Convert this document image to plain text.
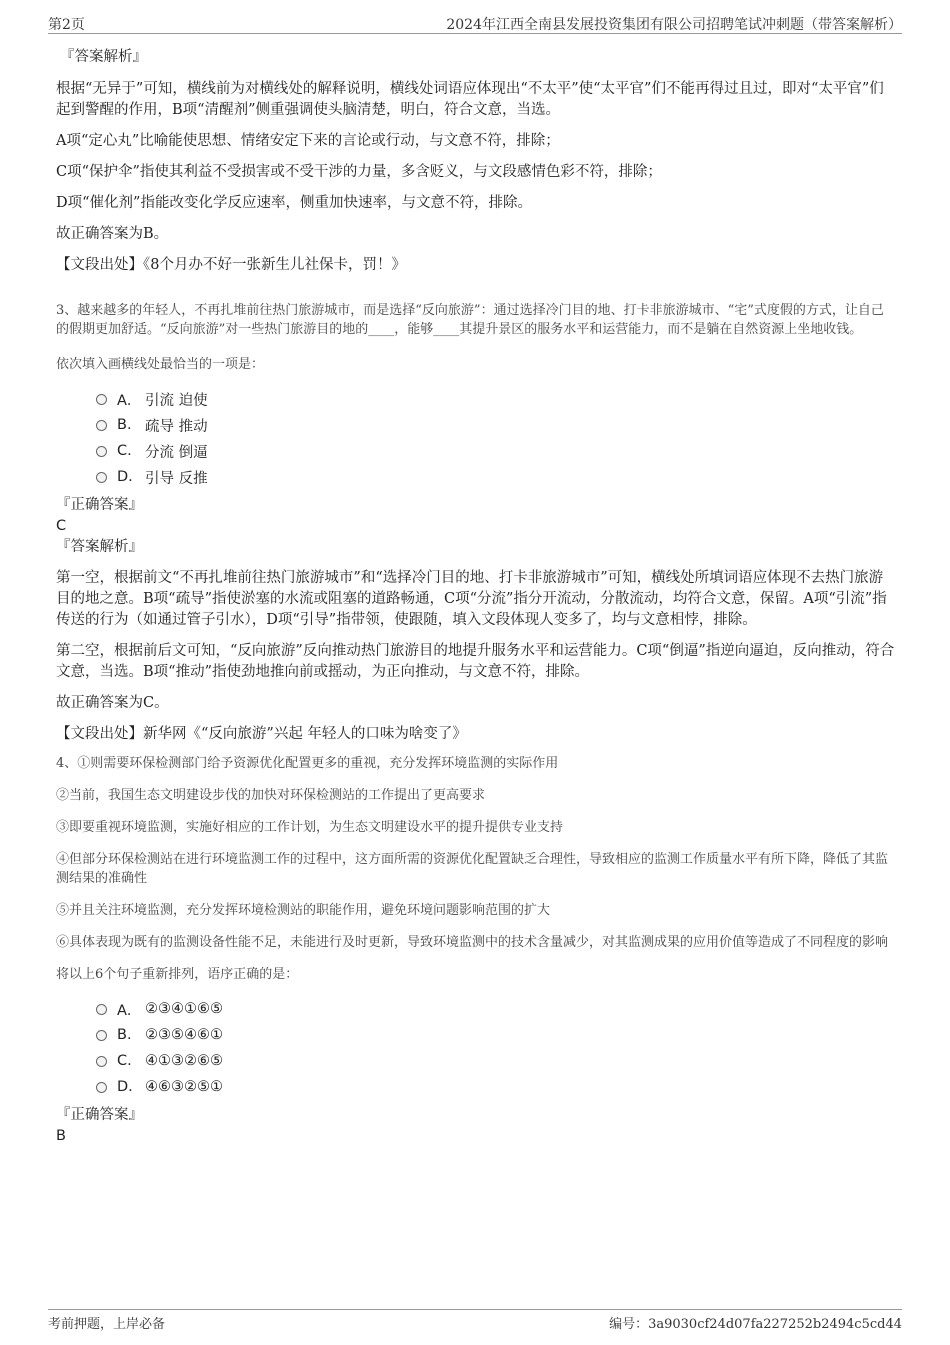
第2页	2024年江西全南县发展投资集团有限公司招聘笔试冲刺题（带答案解析）
『答案解析』

根据“无异于”可知，横线前为对横线处的解释说明，横线处词语应体现出“不太平”使“太平官”们不能再得过且过，即对“太平官”们起到警醒的作用，B项“清醒剂”侧重强调使头脑清楚，明白，符合文意，当选。

A项“定心丸”比喻能使思想、情绪安定下来的言论或行动，与文意不符，排除；

C项“保护伞”指使其利益不受损害或不受干涉的力量，多含贬义，与文段感情色彩不符，排除；

D项“催化剂”指能改变化学反应速率，侧重加快速率，与文意不符，排除。

故正确答案为B。

【文段出处】《8个月办不好一张新生儿社保卡，罚！》

3、越来越多的年轻人，不再扎堆前往热门旅游城市，而是选择“反向旅游”：通过选择冷门目的地、打卡非旅游城市、“宅”式度假的方式，让自己的假期更加舒适。“反向旅游”对一些热门旅游目的地的____，能够____其提升景区的服务水平和运营能力，而不是躺在自然资源上坐地收钱。

依次填入画横线处最恰当的一项是：

A． 引流 迫使
B. 疏导 推动
C. 分流 倒逼
D. 引导 反推
『正确答案』
C
『答案解析』

第一空，根据前文“不再扎堆前往热门旅游城市”和“选择冷门目的地、打卡非旅游城市”可知，横线处所填词语应体现不去热门旅游目的地之意。B项“疏导”指使淤塞的水流或阻塞的道路畅通，C项“分流”指分开流动，分散流动，均符合文意，保留。A项“引流”指传送的行为（如通过管子引水），D项“引导”指带领，使跟随，填入文段体现人变多了，均与文意相悖，排除。

第二空，根据前后文可知，“反向旅游”反向推动热门旅游目的地提升服务水平和运营能力。C项“倒逼”指逆向逼迫，反向推动，符合文意，当选。B项“推动”指使劲地推向前或摇动，为正向推动，与文意不符，排除。

故正确答案为C。

【文段出处】新华网《“反向旅游”兴起 年轻人的口味为啥变了》

4、①则需要环保检测部门给予资源优化配置更多的重视，充分发挥环境监测的实际作用

②当前，我国生态文明建设步伐的加快对环保检测站的工作提出了更高要求

③即要重视环境监测，实施好相应的工作计划，为生态文明建设水平的提升提供专业支持

④但部分环保检测站在进行环境监测工作的过程中，这方面所需的资源优化配置缺乏合理性，导致相应的监测工作质量水平有所下降，降低了其监测结果的准确性

⑤并且关注环境监测，充分发挥环境检测站的职能作用，避免环境问题影响范围的扩大

⑥具体表现为既有的监测设备性能不足，未能进行及时更新，导致环境监测中的技术含量减少，对其监测成果的应用价值等造成了不同程度的影响

将以上6个句子重新排列，语序正确的是：

A． ②③④①⑥⑤
B. ②③⑤④⑥①
C. ④①③②⑥⑤
D. ④⑥③②⑤①
『正确答案』
B
考前押题，上岸必备	编号：3a9030cf24d07fa227252b2494c5cd44
